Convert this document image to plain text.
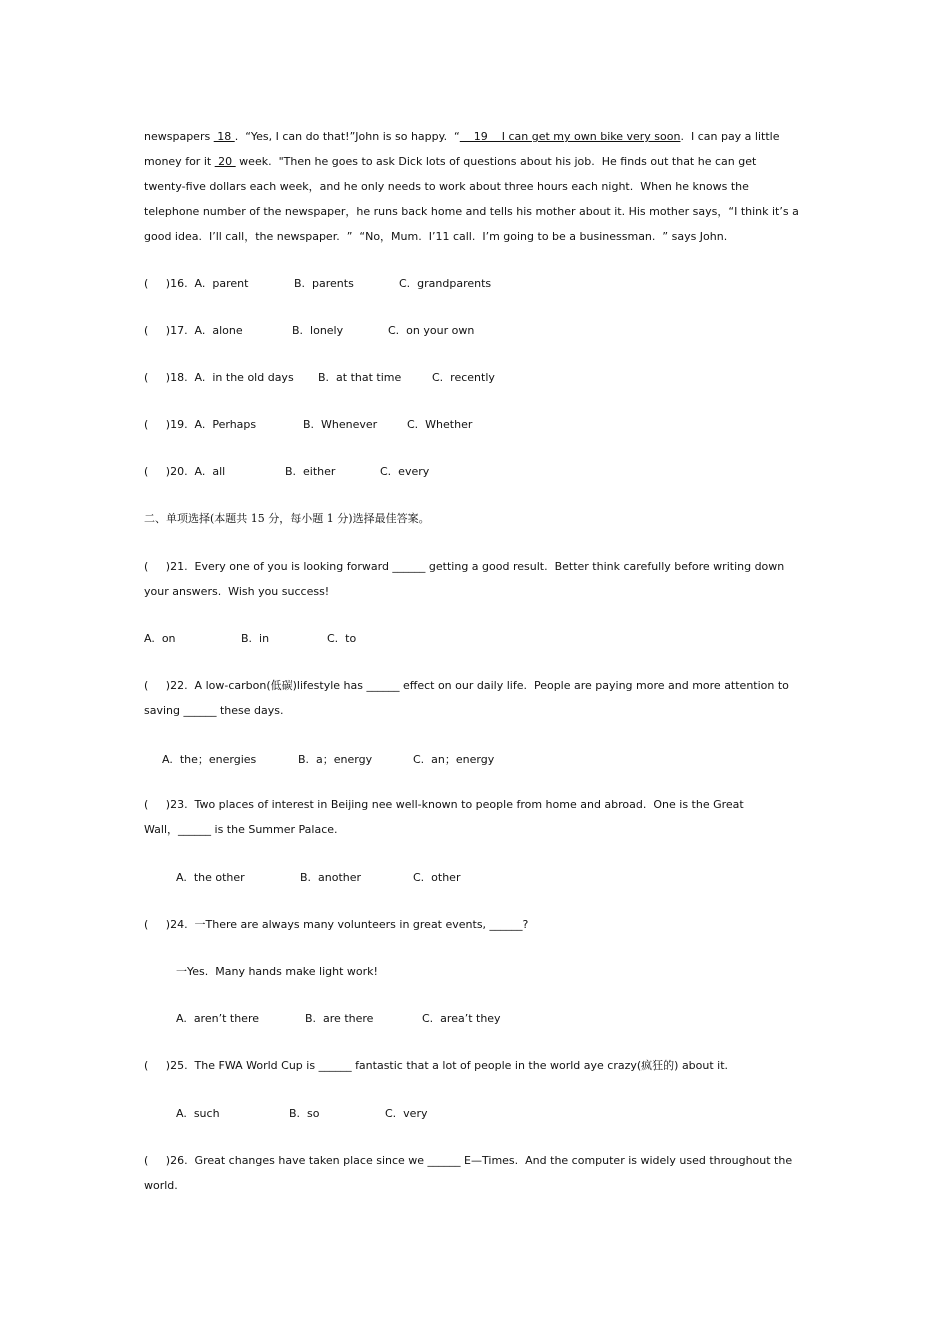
newspapers  18 .  “Yes, I can do that!”John is so happy.  “    19    I can get my own bike very soon.  I can pay a little
money for it  20  week.  "Then he goes to ask Dick lots of questions about his job.  He finds out that he can get
twenty-five dollars each week，and he only needs to work about three hours each night.  When he knows the
telephone number of the newspaper，he runs back home and tells his mother about it. His mother says，“I think it’s a
good idea.  I’ll call，the newspaper.  ”  “No，Mum.  I’11 call.  I’m going to be a businessman.  ” says John.
(     )16.  A.  parent	B.  parents	C.  grandparents
(     )17.  A.  alone	B.  lonely	C.  on your own
(     )18.  A.  in the old days B.  at that time	C.  recently
(     )19.  A.  Perhaps	B.  Whenever	C.  Whether
(     )20.  A.  all	B.  either	C.  every
二、单项选择(本题共 15 分，每小题 1 分)选择最佳答案。
(     )21.  Every one of you is looking forward ______ getting a good result.  Better think carefully before writing down
your answers.  Wish you success!
A.  on	B.  in	C.  to
(     )22.  A low-carbon(低碳)lifestyle has ______ effect on our daily life.  People are paying more and more attention to
saving ______ these days.
A.  the；energies	B.  a；energy	C.  an；energy
(     )23.  Two places of interest in Beijing nee well-known to people from home and abroad.  One is the Great
Wall，______ is the Summer Palace.
A.  the other	B.  another	C.  other
(     )24.  一There are always many volunteers in great events, ______?
一Yes.  Many hands make light work!
A.  aren’t there	B.  are there	C.  area’t they
(     )25.  The FWA World Cup is ______ fantastic that a lot of people in the world aye crazy(疯狂的) about it.
A.  such	B.  so	C.  very
(     )26.  Great changes have taken place since we ______ E—Times.  And the computer is widely used throughout the
world.
